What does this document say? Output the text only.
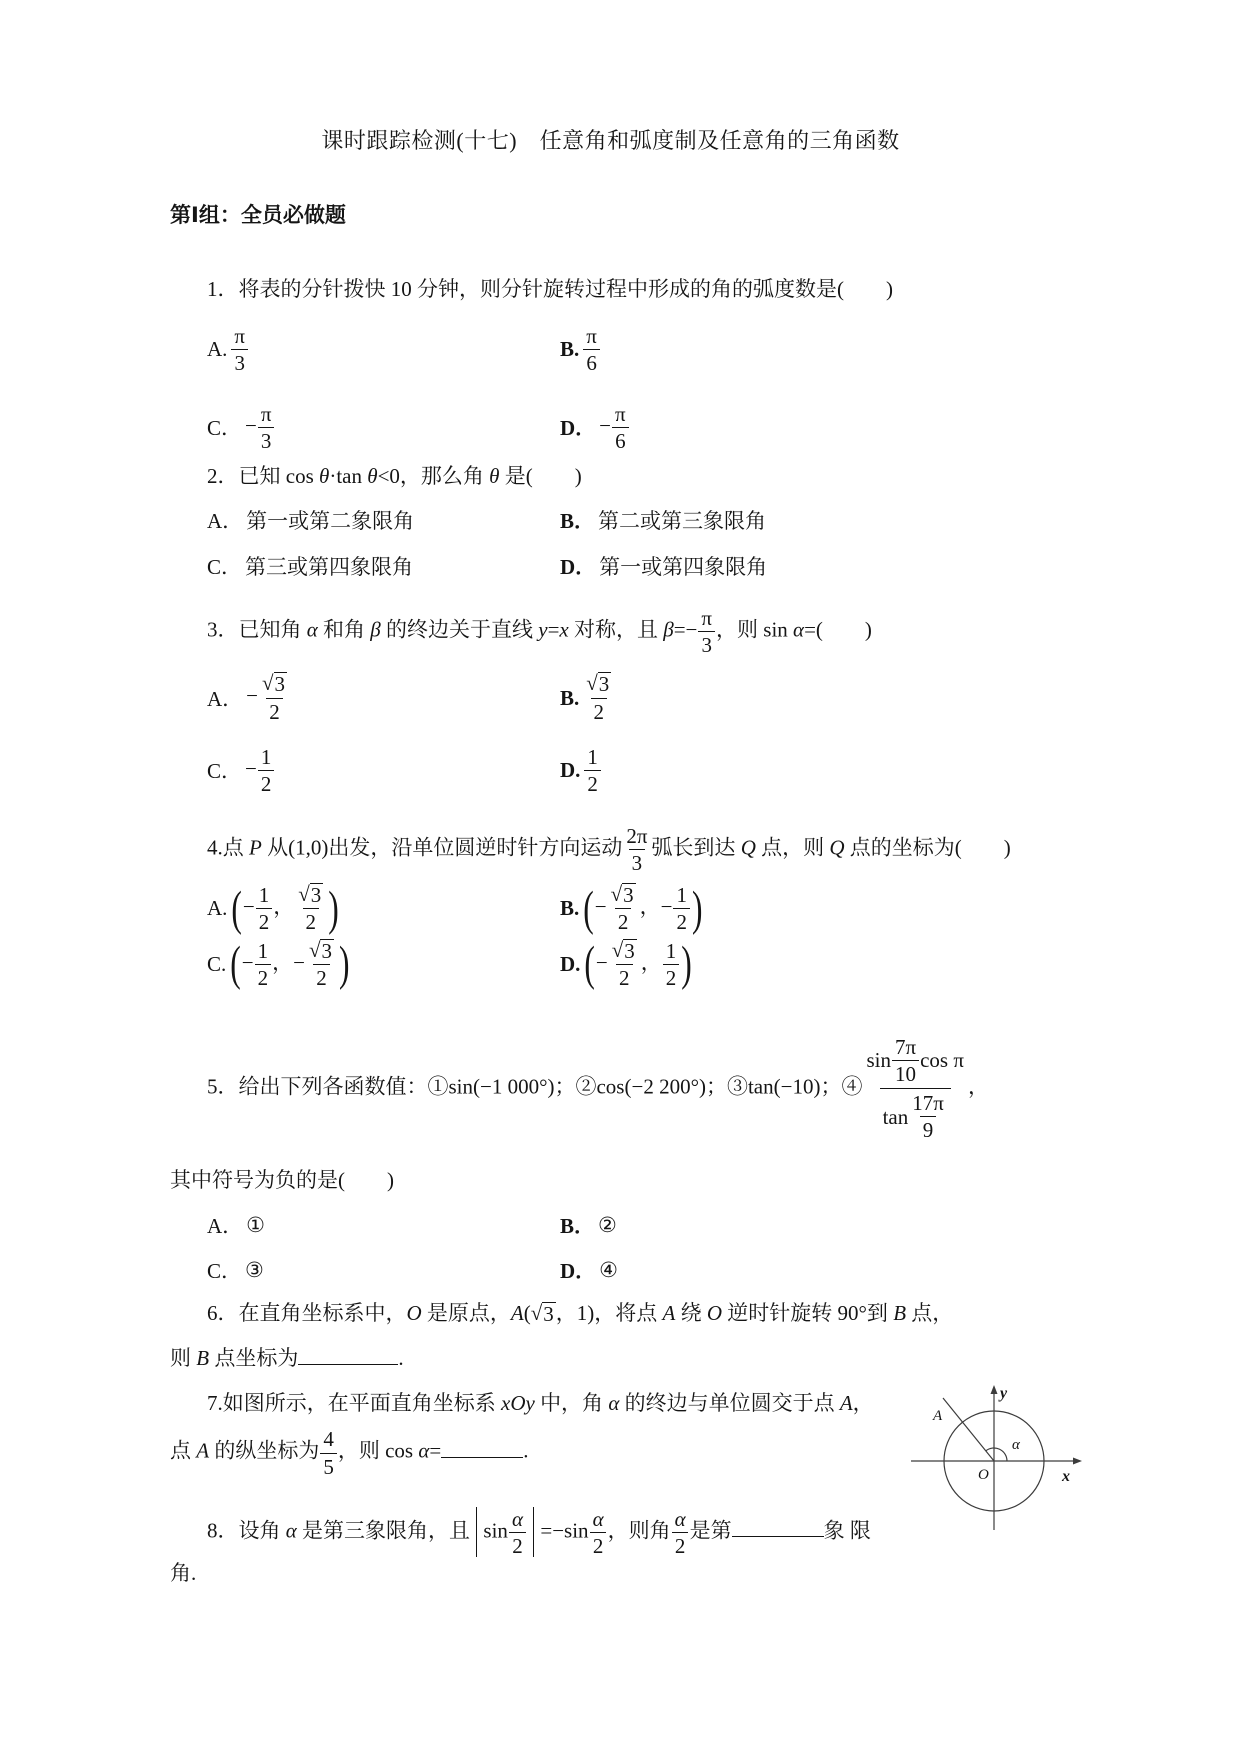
课时跟踪检测(十七)　任意角和弧度制及任意角的三角函数
第Ⅰ组：全员必做题

1．将表的分针拨快 10 分钟，则分针旋转过程中形成的角的弧度数是(　　)

A. $\frac{\pi}{3}$	B. $\frac{\pi}{6}$
C． − $\frac{\pi}{3}$	D． − $\frac{\pi}{6}$

2．已知 cos θ·tan θ<0，那么角 θ 是(　　)

A． 第一或第二象限角	B． 第二或第三象限角
C． 第三或第四象限角	D． 第一或第四象限角

3．已知角 α 和角 β 的终边关于直线 y=x 对称，且 $\beta=- \frac{\pi}{3}$ ，则 sin α=(　　)

A． − $\frac{√ 3}{2}$	B. $\frac{√ 3}{2}$
C． − $\frac{1}{2}$	D. $\frac{1}{2}$

4.点 P 从(1,0)出发，沿单位圆逆时针方向运动 $\frac{2\pi}{3}$ 弧长到达 Q 点，则 Q 点的坐标为(　　)

A. (− $\frac{1}{2}$ ， $\frac{√ 3}{2}$ )	B. (− $\frac{√ 3}{2}$ ，− $\frac{1}{2}$ )
C. (− $\frac{1}{2}$ ，− $\frac{√ 3}{2}$ )	D. (− $\frac{√ 3}{2}$ ， $\frac{1}{2}$ )

5．给出下列各函数值：①sin(−1 000°)；②cos(−2 200°)；③tan(−10)；④ $\frac{\sin \frac{7\pi}{10} \cos \pi}{\tan \frac{17\pi}{9}}$ ，

其中符号为负的是(　　)

A． ①	B． ②
C． ③	D． ④

6．在直角坐标系中，O 是原点，A( √ 3 ，1)，将点 A 绕 O 逆时针旋转 90°到 B 点，则 B 点坐标为	.

y
x
O
α
A

7.如图所示，在平面直角坐标系 xOy 中，角 α 的终边与单位圆交于点 A，点 A 的纵坐标为 $\frac{4}{5}$ ，则 cos α=	.

8．设角 α 是第三象限角，且 $\sin \frac{\alpha}{2} =-\sin \frac{\alpha}{2}$ ，则角 $\frac{\alpha}{2}$ 是第	象 限角.
